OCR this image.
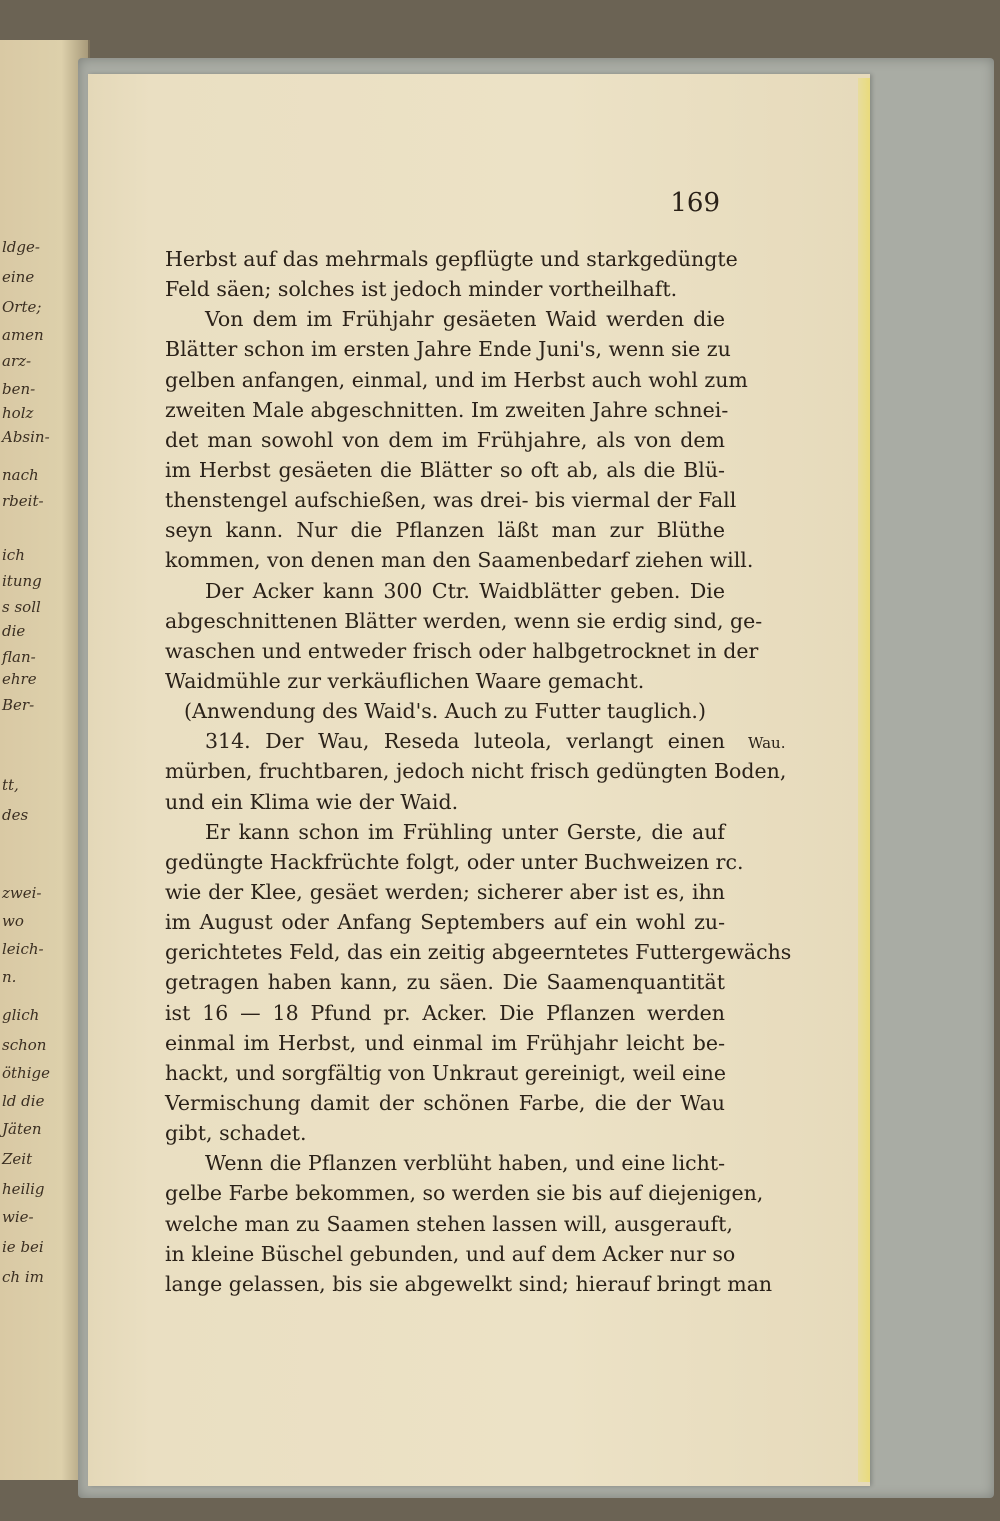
169
Herbst auf das mehrmals gepflügte und starkgedüngte
Feld säen; solches ist jedoch minder vortheilhaft.
Von dem im Frühjahr gesäeten Waid werden die
Blätter schon im ersten Jahre Ende Juni's, wenn sie zu
gelben anfangen, einmal, und im Herbst auch wohl zum
zweiten Male abgeschnitten. Im zweiten Jahre schnei-
det man sowohl von dem im Frühjahre, als von dem
im Herbst gesäeten die Blätter so oft ab, als die Blü-
thenstengel aufschießen, was drei- bis viermal der Fall
seyn kann. Nur die Pflanzen läßt man zur Blüthe
kommen, von denen man den Saamenbedarf ziehen will.
Der Acker kann 300 Ctr. Waidblätter geben. Die
abgeschnittenen Blätter werden, wenn sie erdig sind, ge-
waschen und entweder frisch oder halbgetrocknet in der
Waidmühle zur verkäuflichen Waare gemacht.
(Anwendung des Waid's. Auch zu Futter tauglich.)
314. Der Wau, Reseda luteola, verlangt einen
mürben, fruchtbaren, jedoch nicht frisch gedüngten Boden,
und ein Klima wie der Waid.
Er kann schon im Frühling unter Gerste, die auf
gedüngte Hackfrüchte folgt, oder unter Buchweizen rc.
wie der Klee, gesäet werden; sicherer aber ist es, ihn
im August oder Anfang Septembers auf ein wohl zu-
gerichtetes Feld, das ein zeitig abgeerntetes Futtergewächs
getragen haben kann, zu säen. Die Saamenquantität
ist 16 — 18 Pfund pr. Acker. Die Pflanzen werden
einmal im Herbst, und einmal im Frühjahr leicht be-
hackt, und sorgfältig von Unkraut gereinigt, weil eine
Vermischung damit der schönen Farbe, die der Wau
gibt, schadet.
Wenn die Pflanzen verblüht haben, und eine licht-
gelbe Farbe bekommen, so werden sie bis auf diejenigen,
welche man zu Saamen stehen lassen will, ausgerauft,
in kleine Büschel gebunden, und auf dem Acker nur so
lange gelassen, bis sie abgewelkt sind; hierauf bringt man
Wau.
ldge-
eine
Orte;
amen
arz-
ben-
holz
Absin-
nach
rbeit-
ich
itung
s soll
die
flan-
ehre
Ber-
tt,
des
zwei-
wo
leich-
n.
glich
schon
öthige
ld die
Jäten
Zeit
heilig
wie-
ie bei
ch im
